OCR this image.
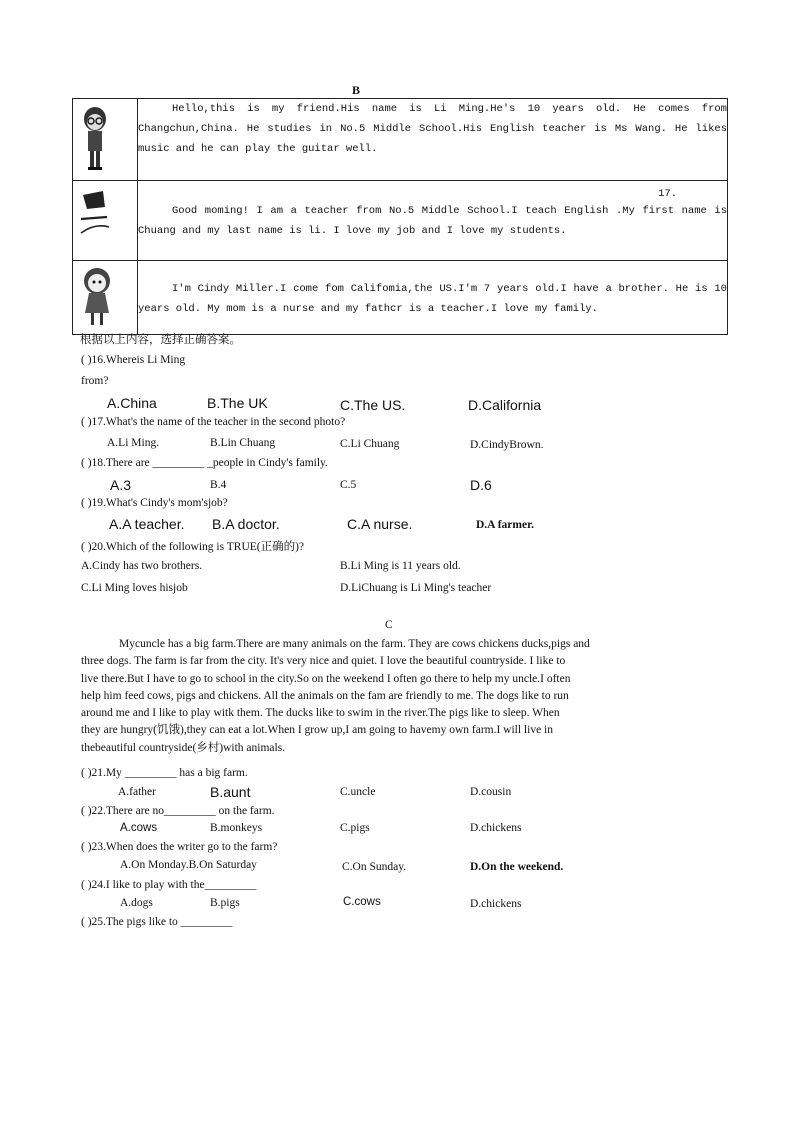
B

Hello,this is my friend.His name is Li Ming.He's 10 years old. He comes from Changchun,China. He studies in No.5 Middle School.His English teacher is Ms Wang. He likes music and he can play the guitar well.

17.
Good moming! I am a teacher from No.5 Middle School.I teach English .My first name is Chuang and my last name is li. I love my job and I love my students.

I'm Cindy Miller.I come fom Califomia,the US.I'm 7 years old.I have a brother. He is 10 years old. My mom is a nurse and my fathcr is a teacher.I love my family.
根据以上内容，选择正确答案。
( )16.Whereis Li Ming
from?
A.China	B.The UK	C.The US.	D.California
( )17.What's the name of the teacher in the second photo?
A.Li Ming.	B.Lin Chuang	C.Li Chuang	D.CindyBrown.
( )18.There are _________ _people in Cindy's family.
A.3	B.4	C.5	D.6
( )19.What's Cindy's mom'sjob?
A.A teacher. B.A doctor.	C.A nurse.	D.A farmer.
( )20.Which of the following is TRUE(正确的)?
A.Cindy has two brothers.	B.Li Ming is 11 years old.
C.Li Ming loves hisjob	D.LiChuang is Li Ming's teacher
C
Mycuncle has a big farm.There are many animals on the farm. They are cows chickens ducks,pigs and
three dogs. The farm is far from the city. It's very nice and quiet. I love the beautiful countryside. I like to
live there.But I have to go to school in the city.So on the weekend I often go there to help my uncle.I often
help him feed cows, pigs and chickens. All the animals on the fam are friendly to me. The dogs like to run
around me and I like to play witk them. The ducks like to swim in the river.The pigs like to sleep. When
they are hungry(饥饿),they can eat a lot.When I grow up,I am going to havemy own farm.I will live in
thebeautiful countryside(乡村)with animals.
( )21.My _________ has a big farm.
A.father	B.aunt	C.uncle	D.cousin
( )22.There are no_________ on the farm.
A.cows	B.monkeys	C.pigs	D.chickens
( )23.When does the writer go to the farm?
A.On Monday.B.On Saturday	C.On Sunday.	D.On the weekend.
( )24.I like to play with the_________
A.dogs	B.pigs	C.cows	D.chickens
( )25.The pigs like to _________
